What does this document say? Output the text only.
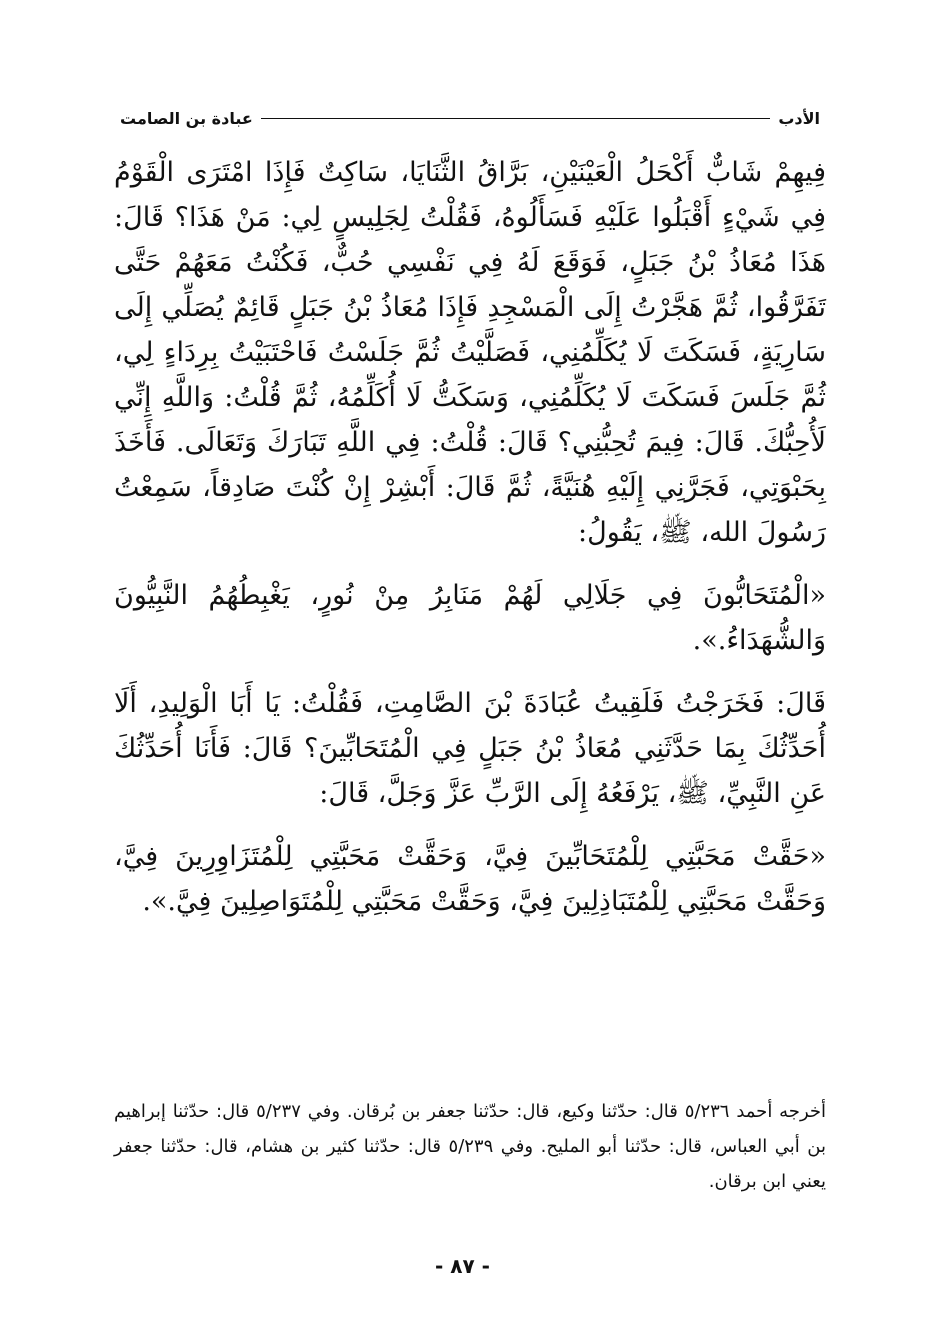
الأدب
عبادة بن الصامت

فِيهِمْ شَابٌّ أَكْحَلُ الْعَيْنَيْنِ، بَرَّاقُ الثَّنَايَا، سَاكِتٌ فَإِذَا امْتَرَى الْقَوْمُ فِي شَيْءٍ أَقْبَلُوا عَلَيْهِ فَسَأَلُوهُ، فَقُلْتُ لِجَلِيسٍ لِي: مَنْ هَذَا؟ قَالَ: هَذَا مُعَاذُ بْنُ جَبَلٍ، فَوَقَعَ لَهُ فِي نَفْسِي حُبٌّ، فَكُنْتُ مَعَهُمْ حَتَّى تَفَرَّقُوا، ثُمَّ هَجَّرْتُ إِلَى الْمَسْجِدِ فَإِذَا مُعَاذُ بْنُ جَبَلٍ قَائِمٌ يُصَلِّي إِلَى سَارِيَةٍ، فَسَكَتَ لَا يُكَلِّمُنِي، فَصَلَّيْتُ ثُمَّ جَلَسْتُ فَاحْتَبَيْتُ بِرِدَاءٍ لِي، ثُمَّ جَلَسَ فَسَكَتَ لَا يُكَلِّمُنِي، وَسَكَتُّ لَا أُكَلِّمُهُ، ثُمَّ قُلْتُ: وَاللَّهِ إِنِّي لَأُحِبُّكَ. قَالَ: فِيمَ تُحِبُّنِي؟ قَالَ: قُلْتُ: فِي اللَّهِ تَبَارَكَ وَتَعَالَى. فَأَخَذَ بِحَبْوَتِي، فَجَرَّنِي إِلَيْهِ هُنَيَّةً، ثُمَّ قَالَ: أَبْشِرْ إِنْ كُنْتَ صَادِقاً، سَمِعْتُ رَسُولَ الله، ﷺ، يَقُولُ:

«الْمُتَحَابُّونَ فِي جَلَالِي لَهُمْ مَنَابِرُ مِنْ نُورٍ، يَغْبِطُهُمُ النَّبِيُّونَ وَالشُّهَدَاءُ.».

قَالَ: فَخَرَجْتُ فَلَقِيتُ عُبَادَةَ بْنَ الصَّامِتِ، فَقُلْتُ: يَا أَبَا الْوَلِيدِ، أَلَا أُحَدِّثُكَ بِمَا حَدَّثَنِي مُعَاذُ بْنُ جَبَلٍ فِي الْمُتَحَابِّينَ؟ قَالَ: فَأَنَا أُحَدِّثُكَ عَنِ النَّبِيِّ، ﷺ، يَرْفَعُهُ إِلَى الرَّبِّ عَزَّ وَجَلَّ، قَالَ:

«حَقَّتْ مَحَبَّتِي لِلْمُتَحَابِّينَ فِيَّ، وَحَقَّتْ مَحَبَّتِي لِلْمُتَزَاوِرِينَ فِيَّ، وَحَقَّتْ مَحَبَّتِي لِلْمُتَبَاذِلِينَ فِيَّ، وَحَقَّتْ مَحَبَّتِي لِلْمُتَوَاصِلِينَ فِيَّ.».

أخرجه أحمد ٥/٢٣٦ قال: حدّثنا وكيع، قال: حدّثنا جعفر بن بُرقان. وفي ٥/٢٣٧ قال: حدّثنا إبراهيم بن أبي العباس، قال: حدّثنا أبو المليح. وفي ٥/٢٣٩ قال: حدّثنا كثير بن هشام، قال: حدّثنا جعفر يعني ابن برقان.

- ٨٧ -
